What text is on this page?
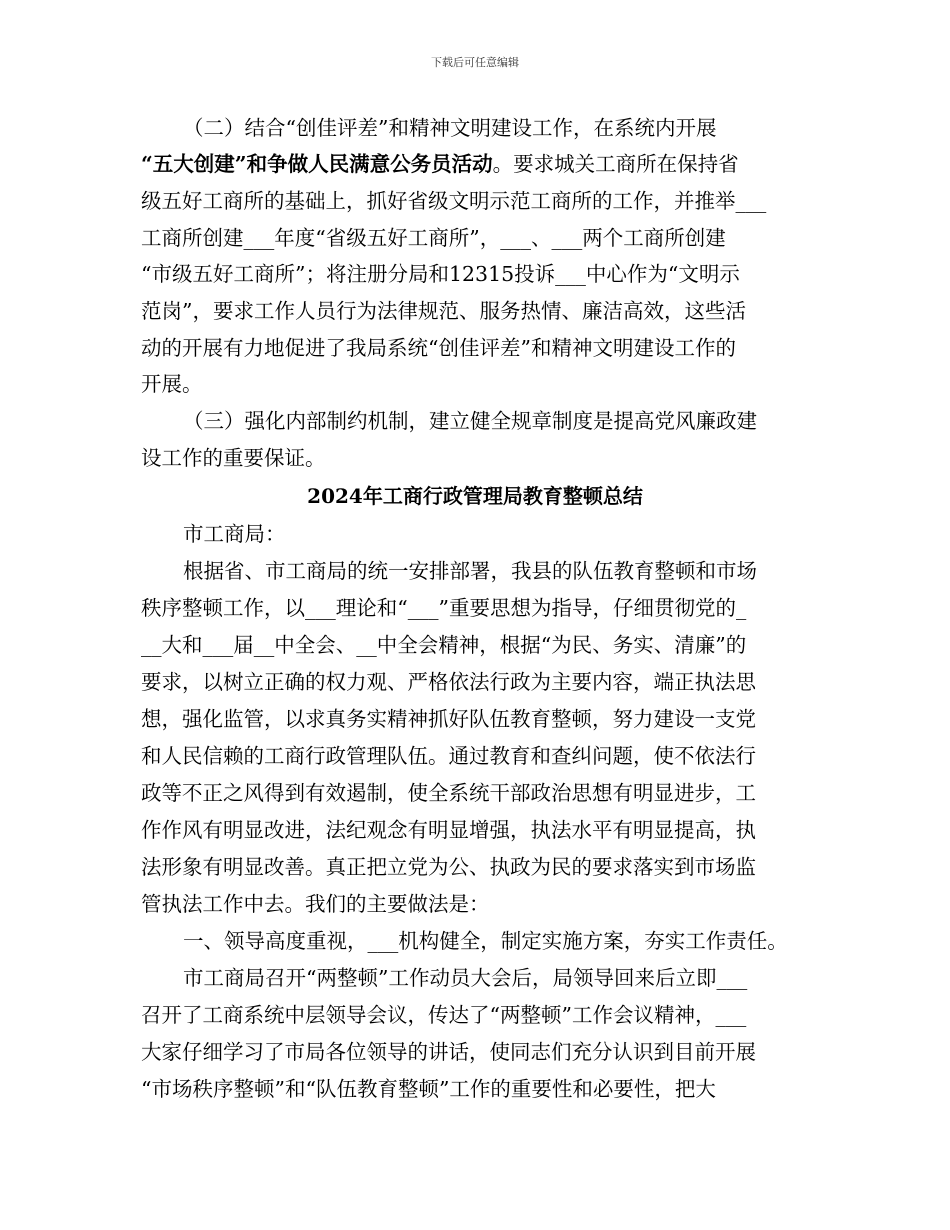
下载后可任意编辑

（二）结合“创佳评差”和精神文明建设工作，在系统内开展

“五大创建”和争做人民满意公务员活动。要求城关工商所在保持省

级五好工商所的基础上，抓好省级文明示范工商所的工作，并推举___

工商所创建___年度“省级五好工商所”，___、___两个工商所创建

“市级五好工商所”；将注册分局和12315投诉___中心作为“文明示

范岗”，要求工作人员行为法律规范、服务热情、廉洁高效，这些活

动的开展有力地促进了我局系统“创佳评差”和精神文明建设工作的

开展。

（三）强化内部制约机制，建立健全规章制度是提高党风廉政建

设工作的重要保证。

2024年工商行政管理局教育整顿总结

市工商局：

根据省、市工商局的统一安排部署，我县的队伍教育整顿和市场

秩序整顿工作，以___理论和“___”重要思想为指导，仔细贯彻党的_

__大和___届__中全会、__中全会精神，根据“为民、务实、清廉”的

要求，以树立正确的权力观、严格依法行政为主要内容，端正执法思

想，强化监管，以求真务实精神抓好队伍教育整顿，努力建设一支党

和人民信赖的工商行政管理队伍。通过教育和查纠问题，使不依法行

政等不正之风得到有效遏制，使全系统干部政治思想有明显进步，工

作作风有明显改进，法纪观念有明显增强，执法水平有明显提高，执

法形象有明显改善。真正把立党为公、执政为民的要求落实到市场监

管执法工作中去。我们的主要做法是：

一、领导高度重视，___机构健全，制定实施方案，夯实工作责任。

市工商局召开“两整顿”工作动员大会后，局领导回来后立即___

召开了工商系统中层领导会议，传达了“两整顿”工作会议精神，___

大家仔细学习了市局各位领导的讲话，使同志们充分认识到目前开展

“市场秩序整顿”和“队伍教育整顿”工作的重要性和必要性，把大
